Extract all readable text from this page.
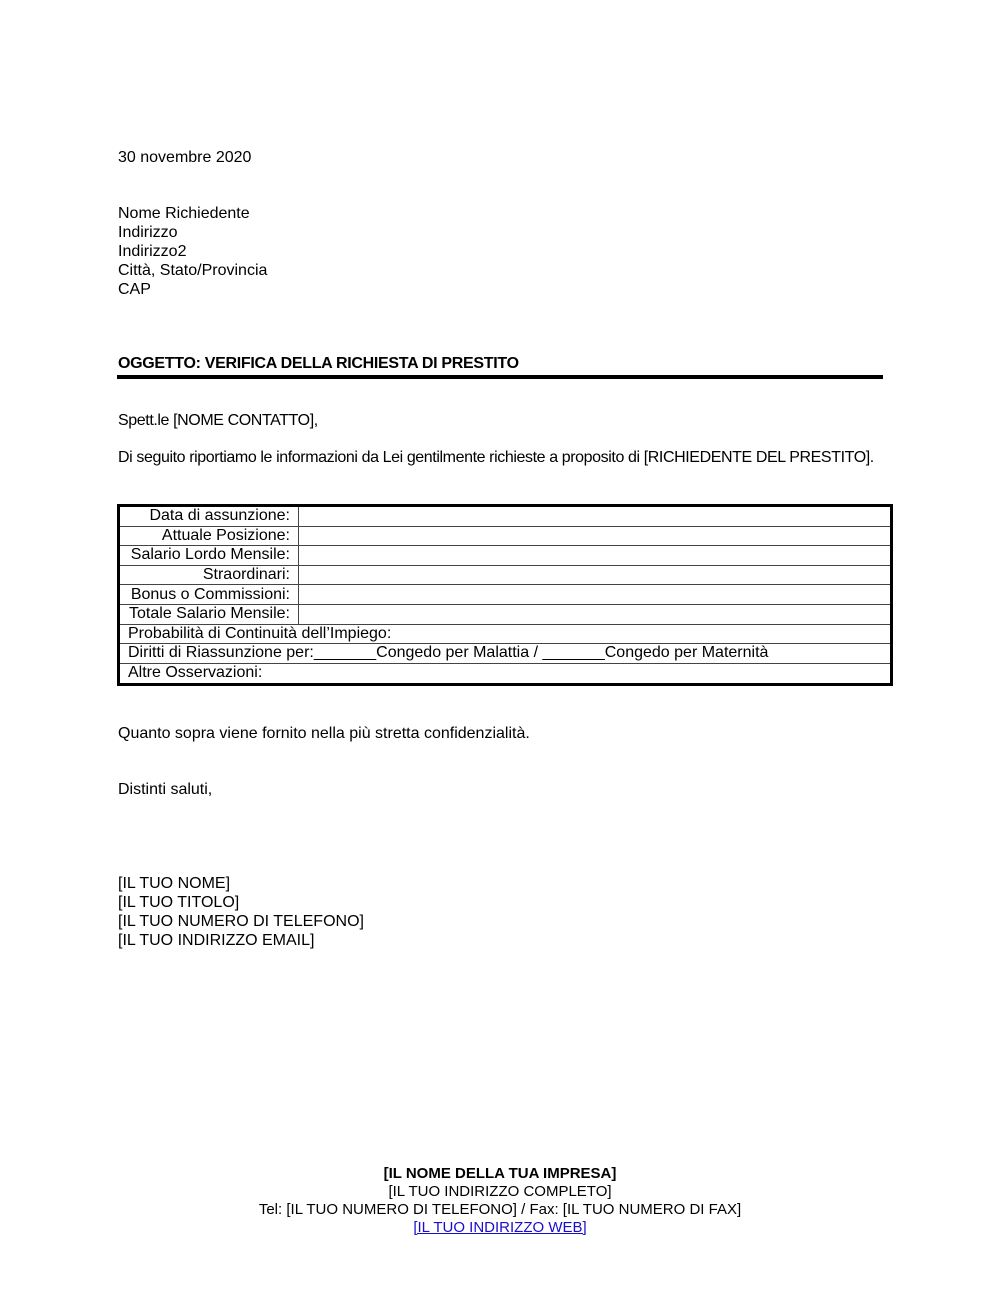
30 novembre 2020
Nome Richiedente
Indirizzo
Indirizzo2
Città, Stato/Provincia
CAP
OGGETTO: VERIFICA DELLA RICHIESTA DI PRESTITO
Spett.le [NOME CONTATTO],
Di seguito riportiamo le informazioni da Lei gentilmente richieste a proposito di [RICHIEDENTE DEL PRESTITO].
Data di assunzione:	
Attuale Posizione:	
Salario Lordo Mensile:	
Straordinari:	
Bonus o Commissioni:	
Totale Salario Mensile:	
Probabilità di Continuità dell’Impiego:	
Diritti di Riassunzione per:_______Congedo per Malattia / _______Congedo per Maternità	
Altre Osservazioni:	
Quanto sopra viene fornito nella più stretta confidenzialità.
Distinti saluti,
[IL TUO NOME]
[IL TUO TITOLO]
[IL TUO NUMERO DI TELEFONO]
[IL TUO INDIRIZZO EMAIL]
[IL NOME DELLA TUA IMPRESA]
[IL TUO INDIRIZZO COMPLETO]
Tel: [IL TUO NUMERO DI TELEFONO] / Fax: [IL TUO NUMERO DI FAX]
[IL TUO INDIRIZZO WEB]
